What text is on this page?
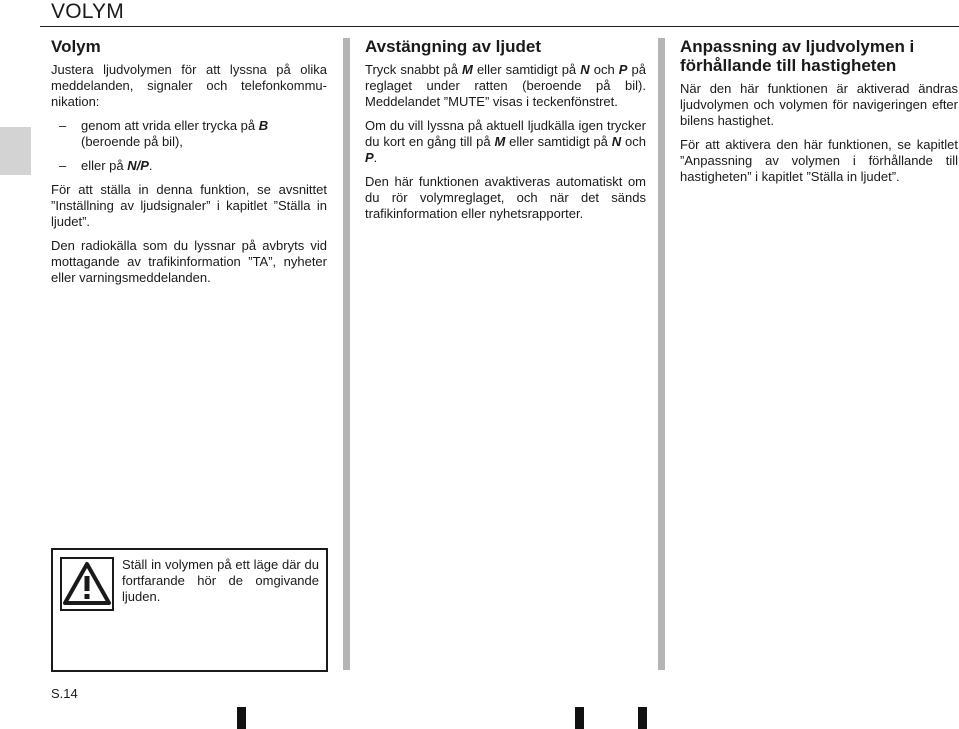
VOLYM
Volym

Justera ljudvolymen för att lyssna på olika meddelanden, signaler och telefonkommu-nikation:

–	genom att vrida eller trycka på B (beroende på bil),
–	eller på N/P.

För att ställa in denna funktion, se avsnittet ”Inställning av ljudsignaler” i kapitlet ”Ställa in ljudet”.

Den radiokälla som du lyssnar på avbryts vid mottagande av trafikinformation ”TA”, nyheter eller varningsmeddelanden.

Avstängning av ljudet

Tryck snabbt på M eller samtidigt på N och P på reglaget under ratten (beroende på bil). Meddelandet ”MUTE” visas i teckenfönstret.

Om du vill lyssna på aktuell ljudkälla igen trycker du kort en gång till på M eller samtidigt på N och P.

Den här funktionen avaktiveras automatiskt om du rör volymreglaget, och när det sänds trafikinformation eller nyhetsrapporter.

Anpassning av ljudvolymen i förhållande till hastigheten

När den här funktionen är aktiverad ändras ljudvolymen och volymen för navigeringen efter bilens hastighet.

För att aktivera den här funktionen, se kapitlet ”Anpassning av volymen i förhållande till hastigheten” i kapitlet ”Ställa in ljudet”.

Ställ in volymen på ett läge där du fortfarande hör de omgivande ljuden.
S.14
